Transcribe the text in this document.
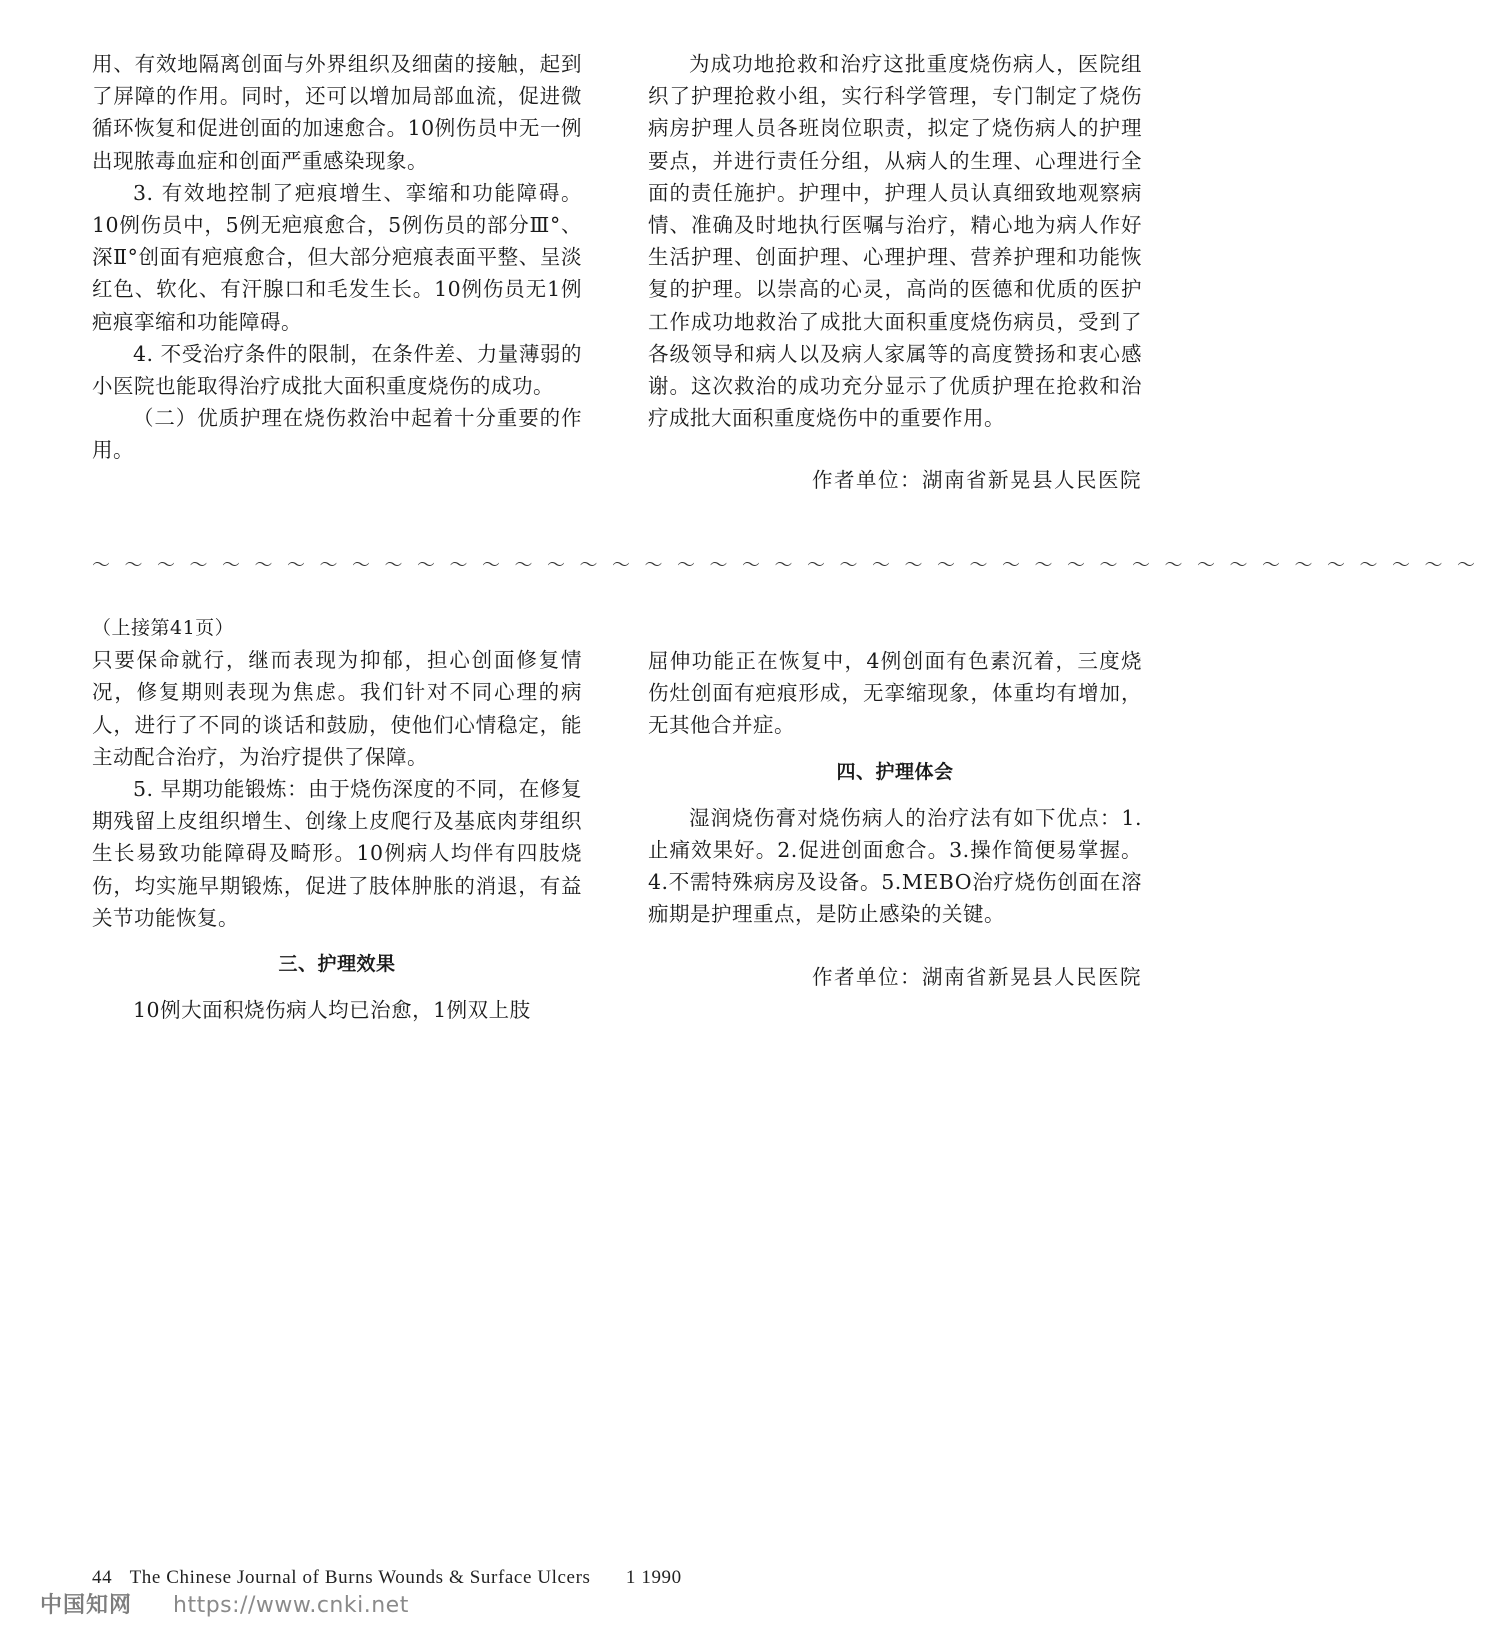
用、有效地隔离创面与外界组织及细菌的接触，起到了屏障的作用。同时，还可以增加局部血流，促进微循环恢复和促进创面的加速愈合。10例伤员中无一例出现脓毒血症和创面严重感染现象。

3. 有效地控制了疤痕增生、挛缩和功能障碍。10例伤员中，5例无疤痕愈合，5例伤员的部分Ⅲ°、深Ⅱ°创面有疤痕愈合，但大部分疤痕表面平整、呈淡红色、软化、有汗腺口和毛发生长。10例伤员无1例疤痕挛缩和功能障碍。

4. 不受治疗条件的限制，在条件差、力量薄弱的小医院也能取得治疗成批大面积重度烧伤的成功。

（二）优质护理在烧伤救治中起着十分重要的作用。

为成功地抢救和治疗这批重度烧伤病人，医院组织了护理抢救小组，实行科学管理，专门制定了烧伤病房护理人员各班岗位职责，拟定了烧伤病人的护理要点，并进行责任分组，从病人的生理、心理进行全面的责任施护。护理中，护理人员认真细致地观察病情、准确及时地执行医嘱与治疗，精心地为病人作好生活护理、创面护理、心理护理、营养护理和功能恢复的护理。以崇高的心灵，高尚的医德和优质的医护工作成功地救治了成批大面积重度烧伤病员，受到了各级领导和病人以及病人家属等的高度赞扬和衷心感谢。这次救治的成功充分显示了优质护理在抢救和治疗成批大面积重度烧伤中的重要作用。

作者单位：湖南省新晃县人民医院

～～～～～～～～～～～～～～～～～～～～～～～～～～～～～～～～～～～～～～～～～～～

（上接第41页）

只要保命就行，继而表现为抑郁，担心创面修复情况，修复期则表现为焦虑。我们针对不同心理的病人，进行了不同的谈话和鼓励，使他们心情稳定，能主动配合治疗，为治疗提供了保障。

5. 早期功能锻炼：由于烧伤深度的不同，在修复期残留上皮组织增生、创缘上皮爬行及基底肉芽组织生长易致功能障碍及畸形。10例病人均伴有四肢烧伤，均实施早期锻炼，促进了肢体肿胀的消退，有益关节功能恢复。

三、护理效果

10例大面积烧伤病人均已治愈，1例双上肢

屈伸功能正在恢复中，4例创面有色素沉着，三度烧伤灶创面有疤痕形成，无挛缩现象，体重均有增加，无其他合并症。

四、护理体会

湿润烧伤膏对烧伤病人的治疗法有如下优点：1.止痛效果好。2.促进创面愈合。3.操作简便易掌握。4.不需特殊病房及设备。5.MEBO治疗烧伤创面在溶痂期是护理重点，是防止感染的关键。

作者单位：湖南省新晃县人民医院

44 The Chinese Journal of Burns Wounds & Surface Ulcers 1 1990
中国知网 https://www.cnki.net
